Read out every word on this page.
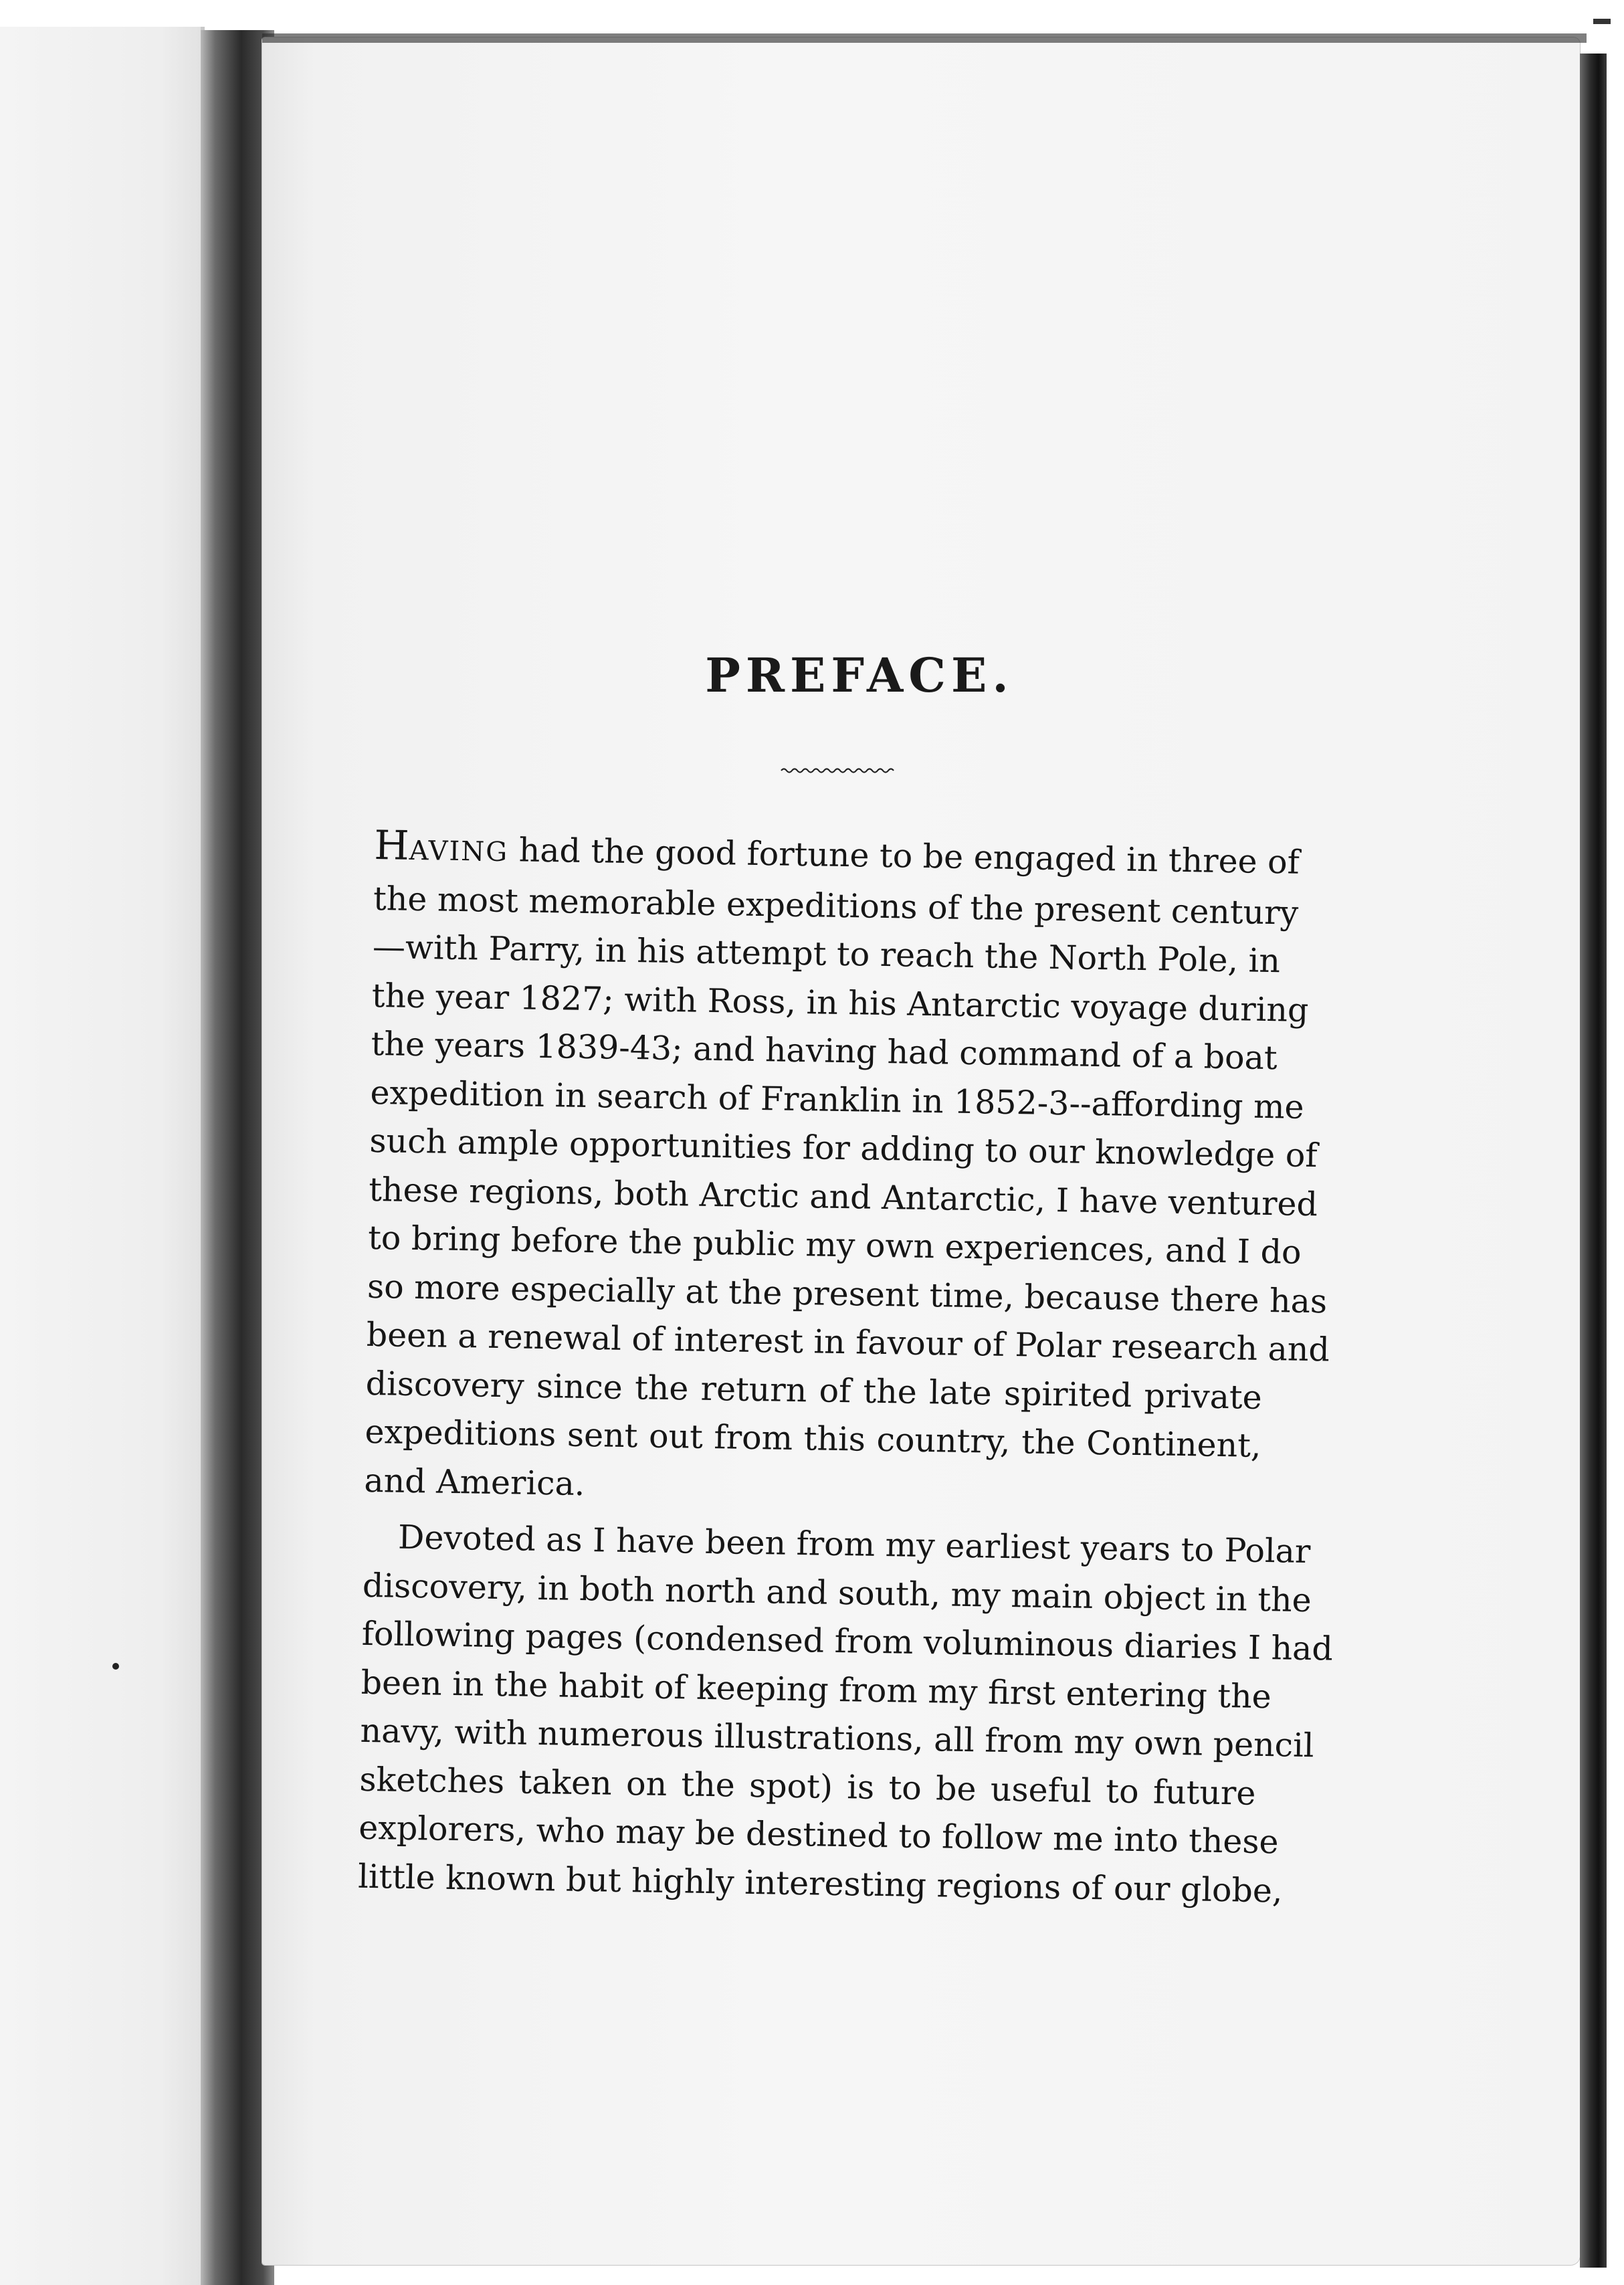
PREFACE.

HAVING had the good fortune to be engaged in three of
the most memorable expeditions of the present century
—with Parry, in his attempt to reach the North Pole, in
the year 1827; with Ross, in his Antarctic voyage during
the years 1839-43; and having had command of a boat
expedition in search of Franklin in 1852-3--affording me
such ample opportunities for adding to our knowledge of
these regions, both Arctic and Antarctic, I have ventured
to bring before the public my own experiences, and I do
so more especially at the present time, because there has
been a renewal of interest in favour of Polar research and
discovery since the return of the late spirited private
expeditions sent out from this country, the Continent,
and America.

Devoted as I have been from my earliest years to Polar
discovery, in both north and south, my main object in the
following pages (condensed from voluminous diaries I had
been in the habit of keeping from my first entering the
navy, with numerous illustrations, all from my own pencil
sketches taken on the spot) is to be useful to future
explorers, who may be destined to follow me into these
little known but highly interesting regions of our globe,
